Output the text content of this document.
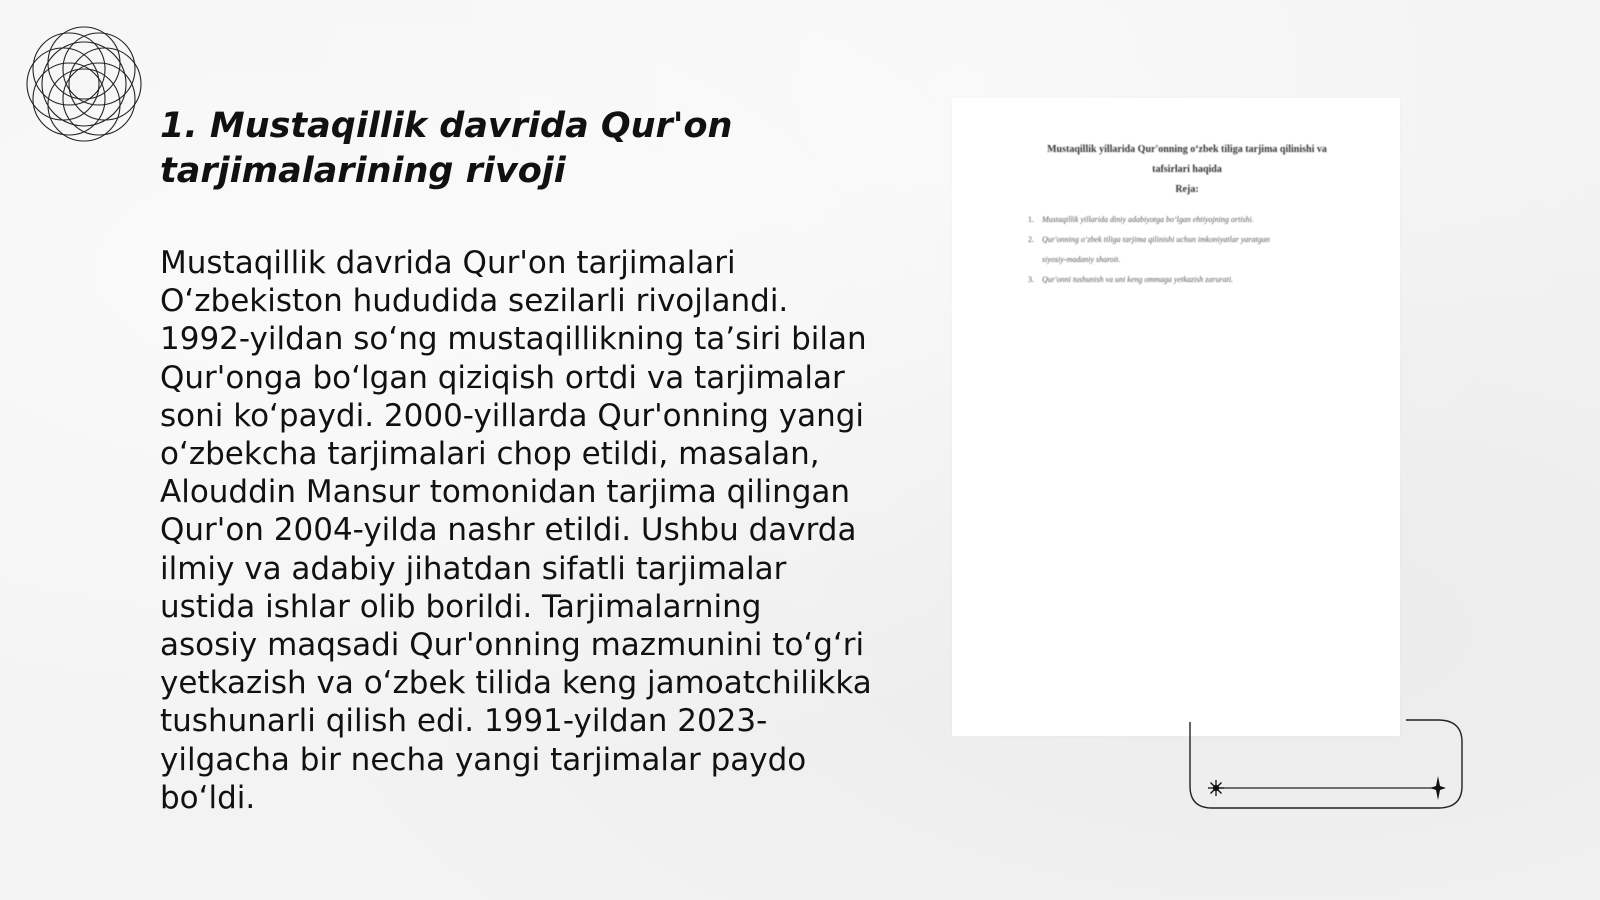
1. Mustaqillik davrida Qur'on
tarjimalarining rivoji
Mustaqillik davrida Qur'on tarjimalari
O‘zbekiston hududida sezilarli rivojlandi.
1992-yildan so‘ng mustaqillikning ta’siri bilan
Qur'onga bo‘lgan qiziqish ortdi va tarjimalar
soni ko‘paydi. 2000-yillarda Qur'onning yangi
o‘zbekcha tarjimalari chop etildi, masalan,
Alouddin Mansur tomonidan tarjima qilingan
Qur'on 2004-yilda nashr etildi. Ushbu davrda
ilmiy va adabiy jihatdan sifatli tarjimalar
ustida ishlar olib borildi. Tarjimalarning
asosiy maqsadi Qur'onning mazmunini to‘g‘ri
yetkazish va o‘zbek tilida keng jamoatchilikka
tushunarli qilish edi. 1991-yildan 2023-
yilgacha bir necha yangi tarjimalar paydo
bo‘ldi.
Mustaqillik yillarida Qur'onning o‘zbek tiliga tarjima qilinishi va
tafsirlari haqida
Reja:
1. Mustaqillik yillarida diniy adabiyotga bo‘lgan ehtiyojning ortishi.
2. Qur'onning o‘zbek tiliga tarjima qilinishi uchun imkoniyatlar yaratgan
siyosiy-madaniy sharoit.
3. Qur'onni tushunish va uni keng ommaga yetkazish zarurati.
